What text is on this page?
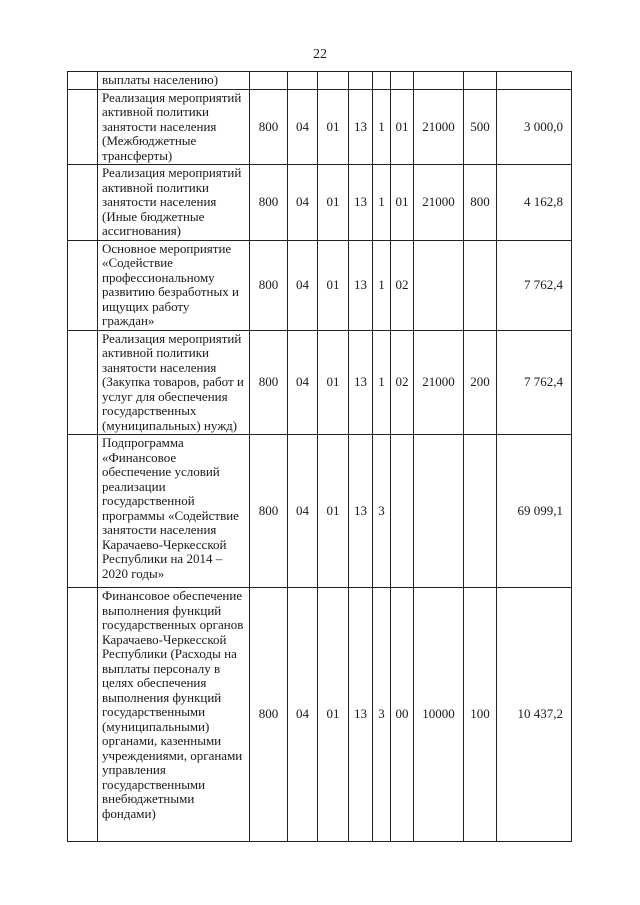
22
	выплаты населению)									
	Реализация мероприятий активной политики занятости населения (Межбюджетные трансферты)	800	04	01	13	1	01	21000	500	3 000,0
	Реализация мероприятий активной политики занятости населения (Иные бюджетные ассигнования)	800	04	01	13	1	01	21000	800	4 162,8
	Основное мероприятие «Содействие профессиональному развитию безработных и ищущих работу граждан»	800	04	01	13	1	02			7 762,4
	Реализация мероприятий активной политики занятости населения (Закупка товаров, работ и услуг для обеспечения государственных (муниципальных) нужд)	800	04	01	13	1	02	21000	200	7 762,4
	Подпрограмма «Финансовое обеспечение условий реализации государственной программы «Содействие занятости населения Карачаево-Черкесской Республики на 2014 – 2020 годы»	800	04	01	13	3				69 099,1
	Финансовое обеспечение выполнения функций государственных органов Карачаево-Черкесской Республики (Расходы на выплаты персоналу в целях обеспечения выполнения функций государственными (муниципальными) органами, казенными учреждениями, органами управления государственными внебюджетными фондами)	800	04	01	13	3	00	10000	100	10 437,2
